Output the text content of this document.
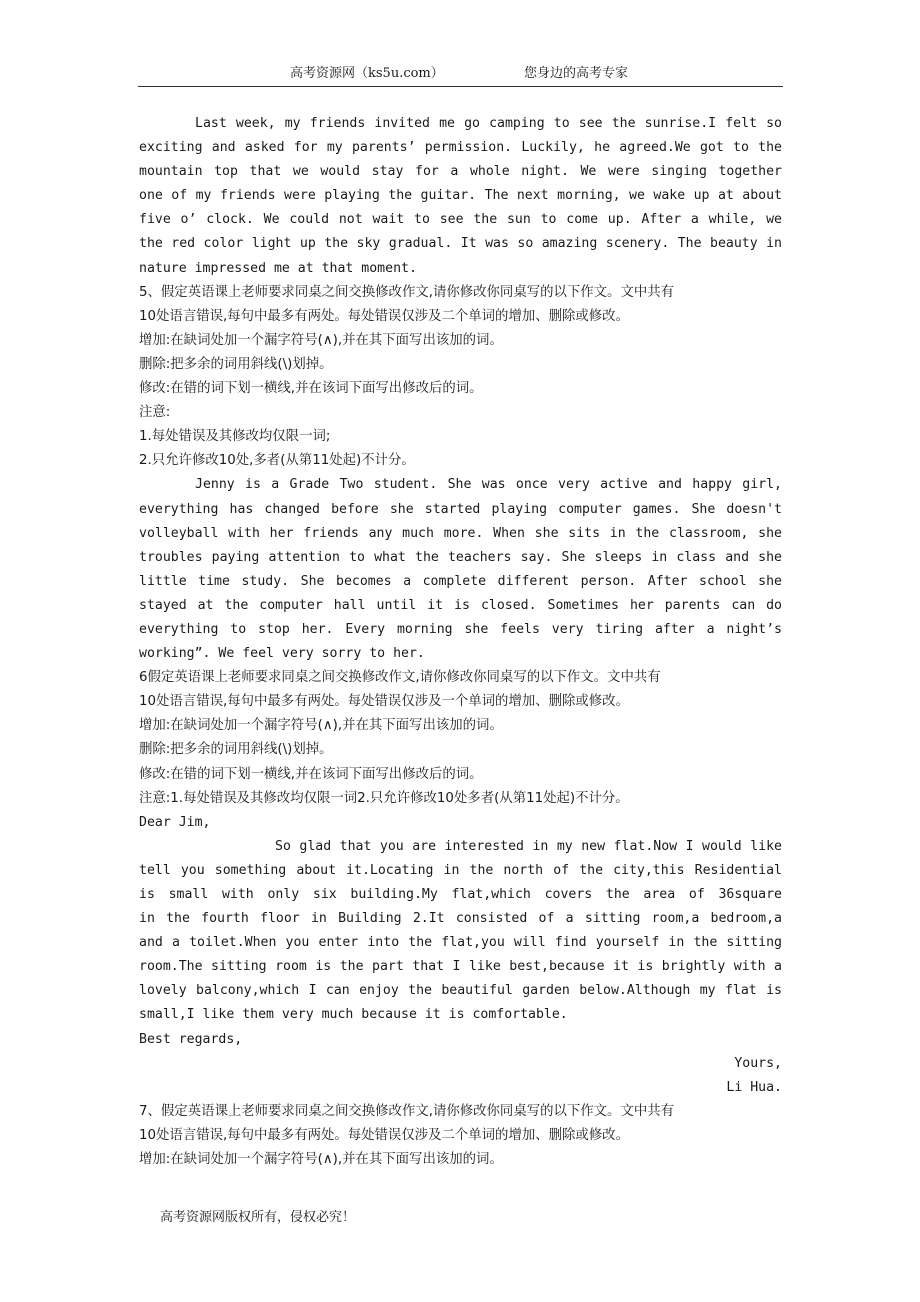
高考资源网（ks5u.com）	您身边的高考专家
Last week, my friends invited me go camping to see the sunrise.I felt so
exciting and asked for my parents’ permission. Luckily, he agreed.We got to the
mountain top that we would stay for a whole night. We were singing together
one of my friends were playing the guitar. The next morning, we wake up at about
five o’ clock. We could not wait to see the sun to come up. After a while, we
the red color light up the sky gradual. It was so amazing scenery. The beauty in
nature impressed me at that moment.
5、假定英语课上老师要求同桌之间交换修改作文,请你修改你同桌写的以下作文。文中共有
10处语言错误,每句中最多有两处。每处错误仅涉及二个单词的增加、删除或修改。
增加:在缺词处加一个漏字符号(∧),并在其下面写出该加的词。
删除:把多余的词用斜线(\)划掉。
修改:在错的词下划一横线,并在该词下面写出修改后的词。
注意:
1.每处错误及其修改均仅限一词;
2.只允许修改10处,多者(从第11处起)不计分。
Jenny is a Grade Two student. She was once very active and happy girl,
everything has changed before she started playing computer games. She doesn't
volleyball with her friends any much more. When she sits in the classroom, she
troubles paying attention to what the teachers say. She sleeps in class and she
little time study. She becomes a complete different person. After school she
stayed at the computer hall until it is closed. Sometimes her parents can do
everything to stop her. Every morning she feels very tiring after a night’s
working”. We feel very sorry to her.
6假定英语课上老师要求同桌之间交换修改作文,请你修改你同桌写的以下作文。文中共有
10处语言错误,每句中最多有两处。每处错误仅涉及一个单词的增加、删除或修改。
增加:在缺词处加一个漏字符号(∧),并在其下面写出该加的词。
删除:把多余的词用斜线(\)划掉。
修改:在错的词下划一横线,并在该词下面写出修改后的词。
注意:1.每处错误及其修改均仅限一词2.只允许修改10处多者(从第11处起)不计分。
Dear Jim,
So glad that you are interested in my new flat.Now I would like
tell you something about it.Locating in the north of the city,this Residential
is small with only six building.My flat,which covers the area of 36square
in the fourth floor in Building 2.It consisted of a sitting room,a bedroom,a
and a toilet.When you enter into the flat,you will find yourself in the sitting
room.The sitting room is the part that I like best,because it is brightly with a
lovely balcony,which I can enjoy the beautiful garden below.Although my flat is
small,I like them very much because it is comfortable.
Best regards,
Yours,
Li Hua.
7、假定英语课上老师要求同桌之间交换修改作文,请你修改你同桌写的以下作文。文中共有
10处语言错误,每句中最多有两处。每处错误仅涉及二个单词的增加、删除或修改。
增加:在缺词处加一个漏字符号(∧),并在其下面写出该加的词。
高考资源网版权所有，侵权必究！
